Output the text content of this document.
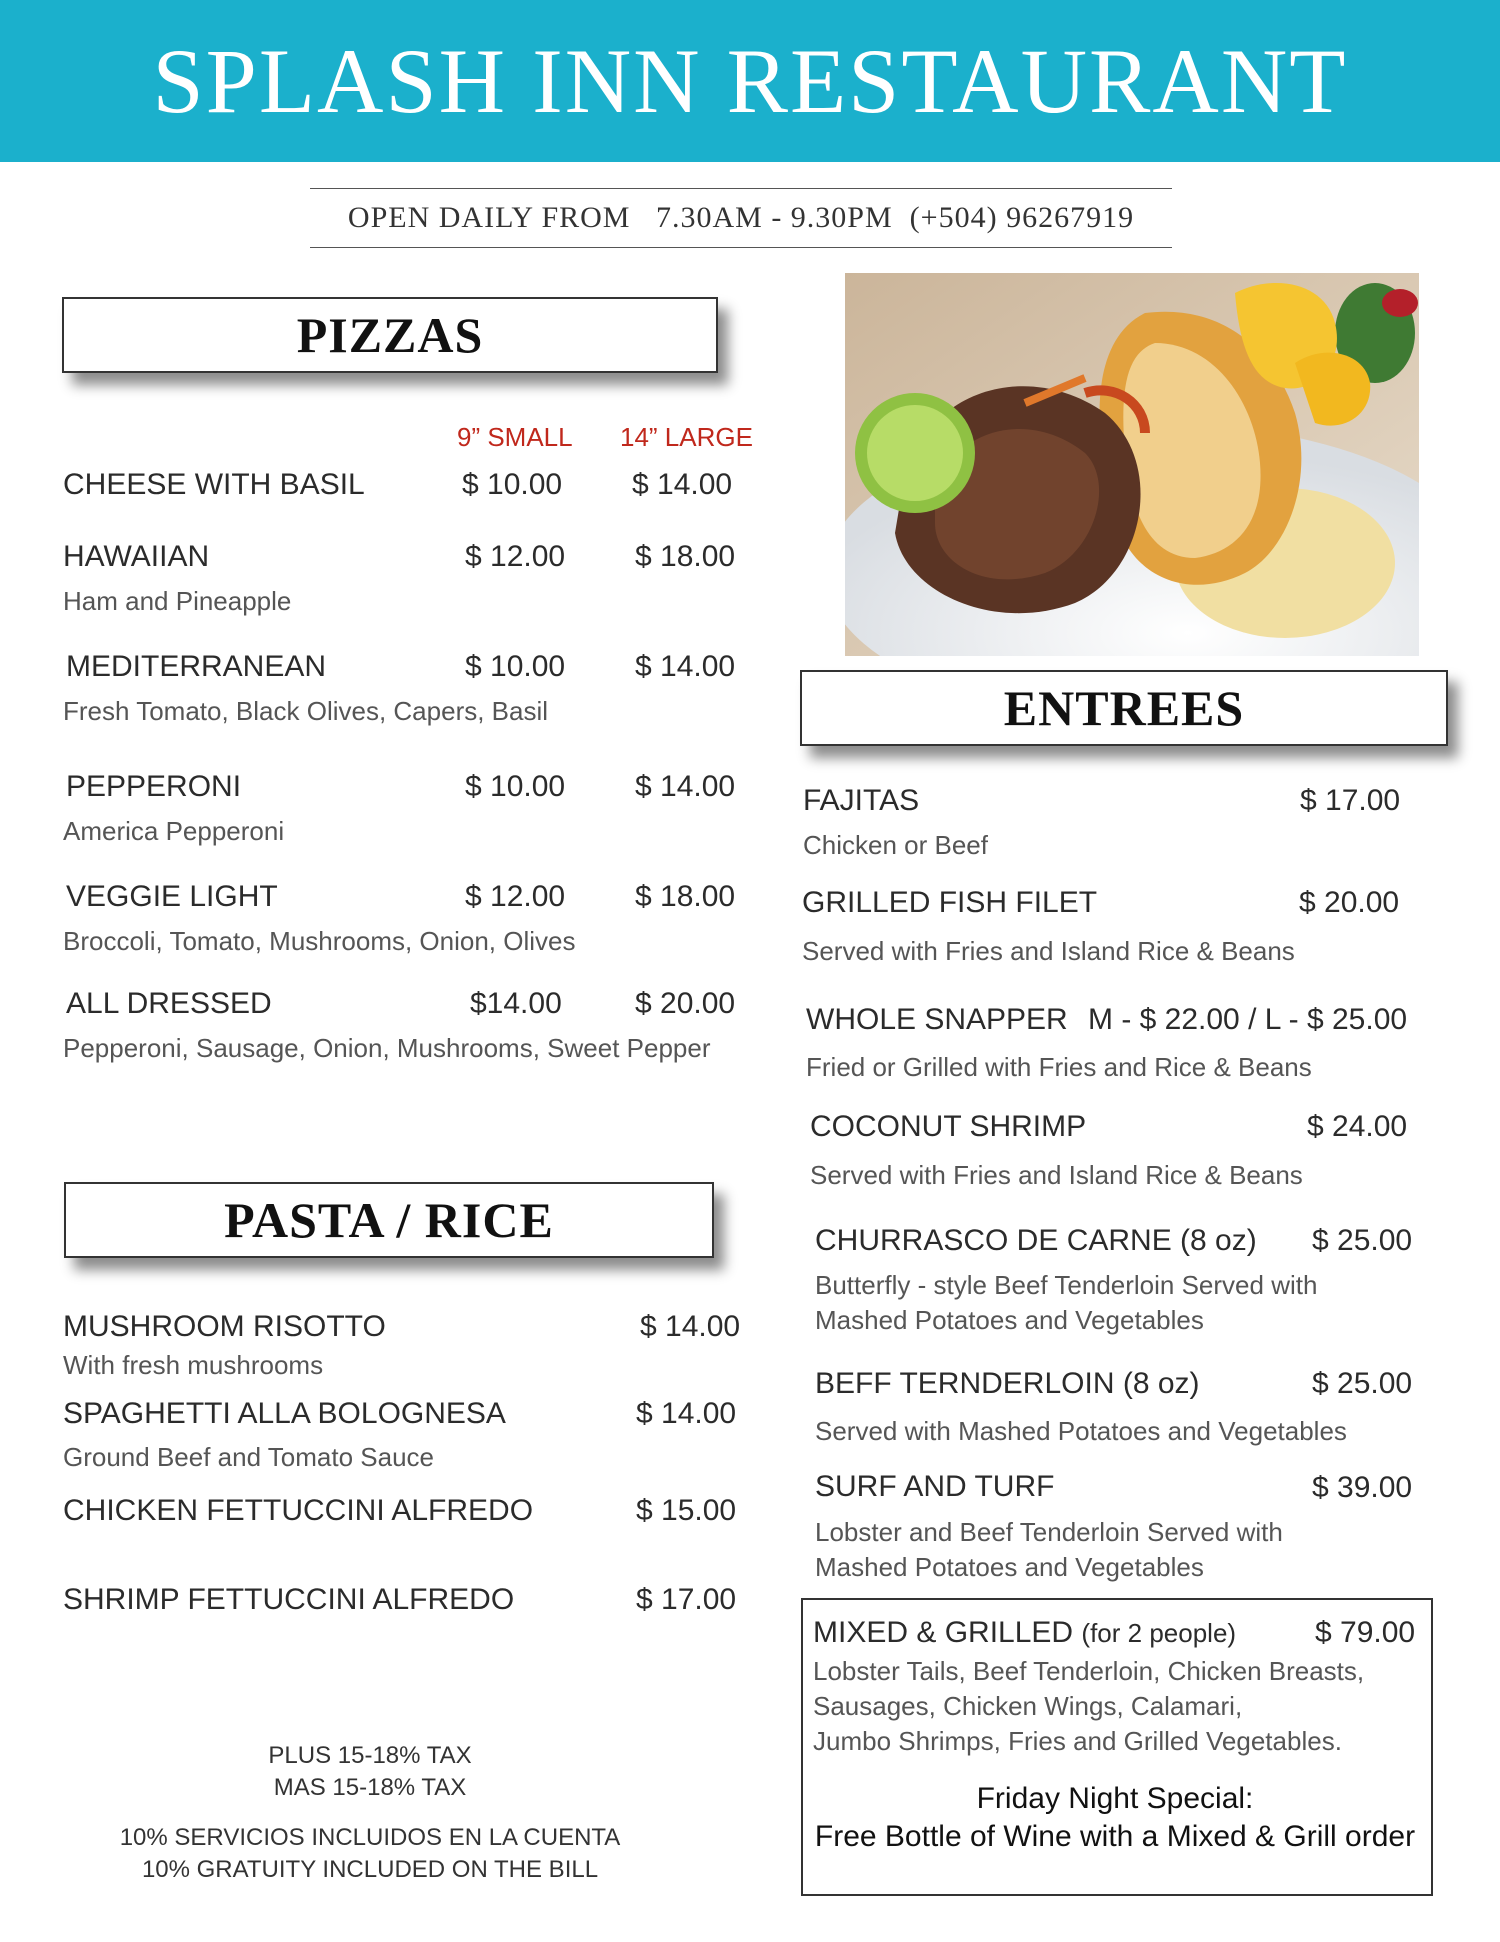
SPLASH INN RESTAURANT
OPEN DAILY FROM   7.30AM - 9.30PM  (+504) 96267919
PIZZAS
9” SMALL 14” LARGE
CHEESE WITH BASIL	$ 10.00 $ 14.00
HAWAIIAN	$ 12.00 $ 18.00
Ham and Pineapple
MEDITERRANEAN	$ 10.00 $ 14.00
Fresh Tomato, Black Olives, Capers, Basil
PEPPERONI	$ 10.00 $ 14.00
America Pepperoni
VEGGIE LIGHT	$ 12.00 $ 18.00
Broccoli, Tomato, Mushrooms, Onion, Olives
ALL DRESSED	$14.00 $ 20.00
Pepperoni, Sausage, Onion, Mushrooms, Sweet Pepper
PASTA / RICE
MUSHROOM RISOTTO	$ 14.00
With fresh mushrooms
SPAGHETTI ALLA BOLOGNESA	$ 14.00
Ground Beef and Tomato Sauce
CHICKEN FETTUCCINI ALFREDO	$ 15.00
SHRIMP FETTUCCINI ALFREDO	$ 17.00
PLUS 15-18% TAX
MAS 15-18% TAX
10% SERVICIOS INCLUIDOS EN LA CUENTA
10% GRATUITY INCLUDED ON THE BILL
ENTREES
FAJITAS	$ 17.00
Chicken or Beef
GRILLED FISH FILET	$ 20.00
Served with Fries and Island Rice & Beans
WHOLE SNAPPER M - $ 22.00 / L - $ 25.00
Fried or Grilled with Fries and Rice & Beans
COCONUT SHRIMP	$ 24.00
Served with Fries and Island Rice & Beans
CHURRASCO DE CARNE (8 oz) $ 25.00
Butterfly - style Beef Tenderloin Served with
Mashed Potatoes and Vegetables
BEFF TERNDERLOIN (8 oz)	$ 25.00
Served with Mashed Potatoes and Vegetables
SURF AND TURF	$ 39.00
Lobster and Beef Tenderloin Served with
Mashed Potatoes and Vegetables
MIXED & GRILLED (for 2 people)	$ 79.00
Lobster Tails, Beef Tenderloin, Chicken Breasts,
Sausages, Chicken Wings, Calamari,
Jumbo Shrimps, Fries and Grilled Vegetables.
Friday Night Special:
Free Bottle of Wine with a Mixed & Grill order
